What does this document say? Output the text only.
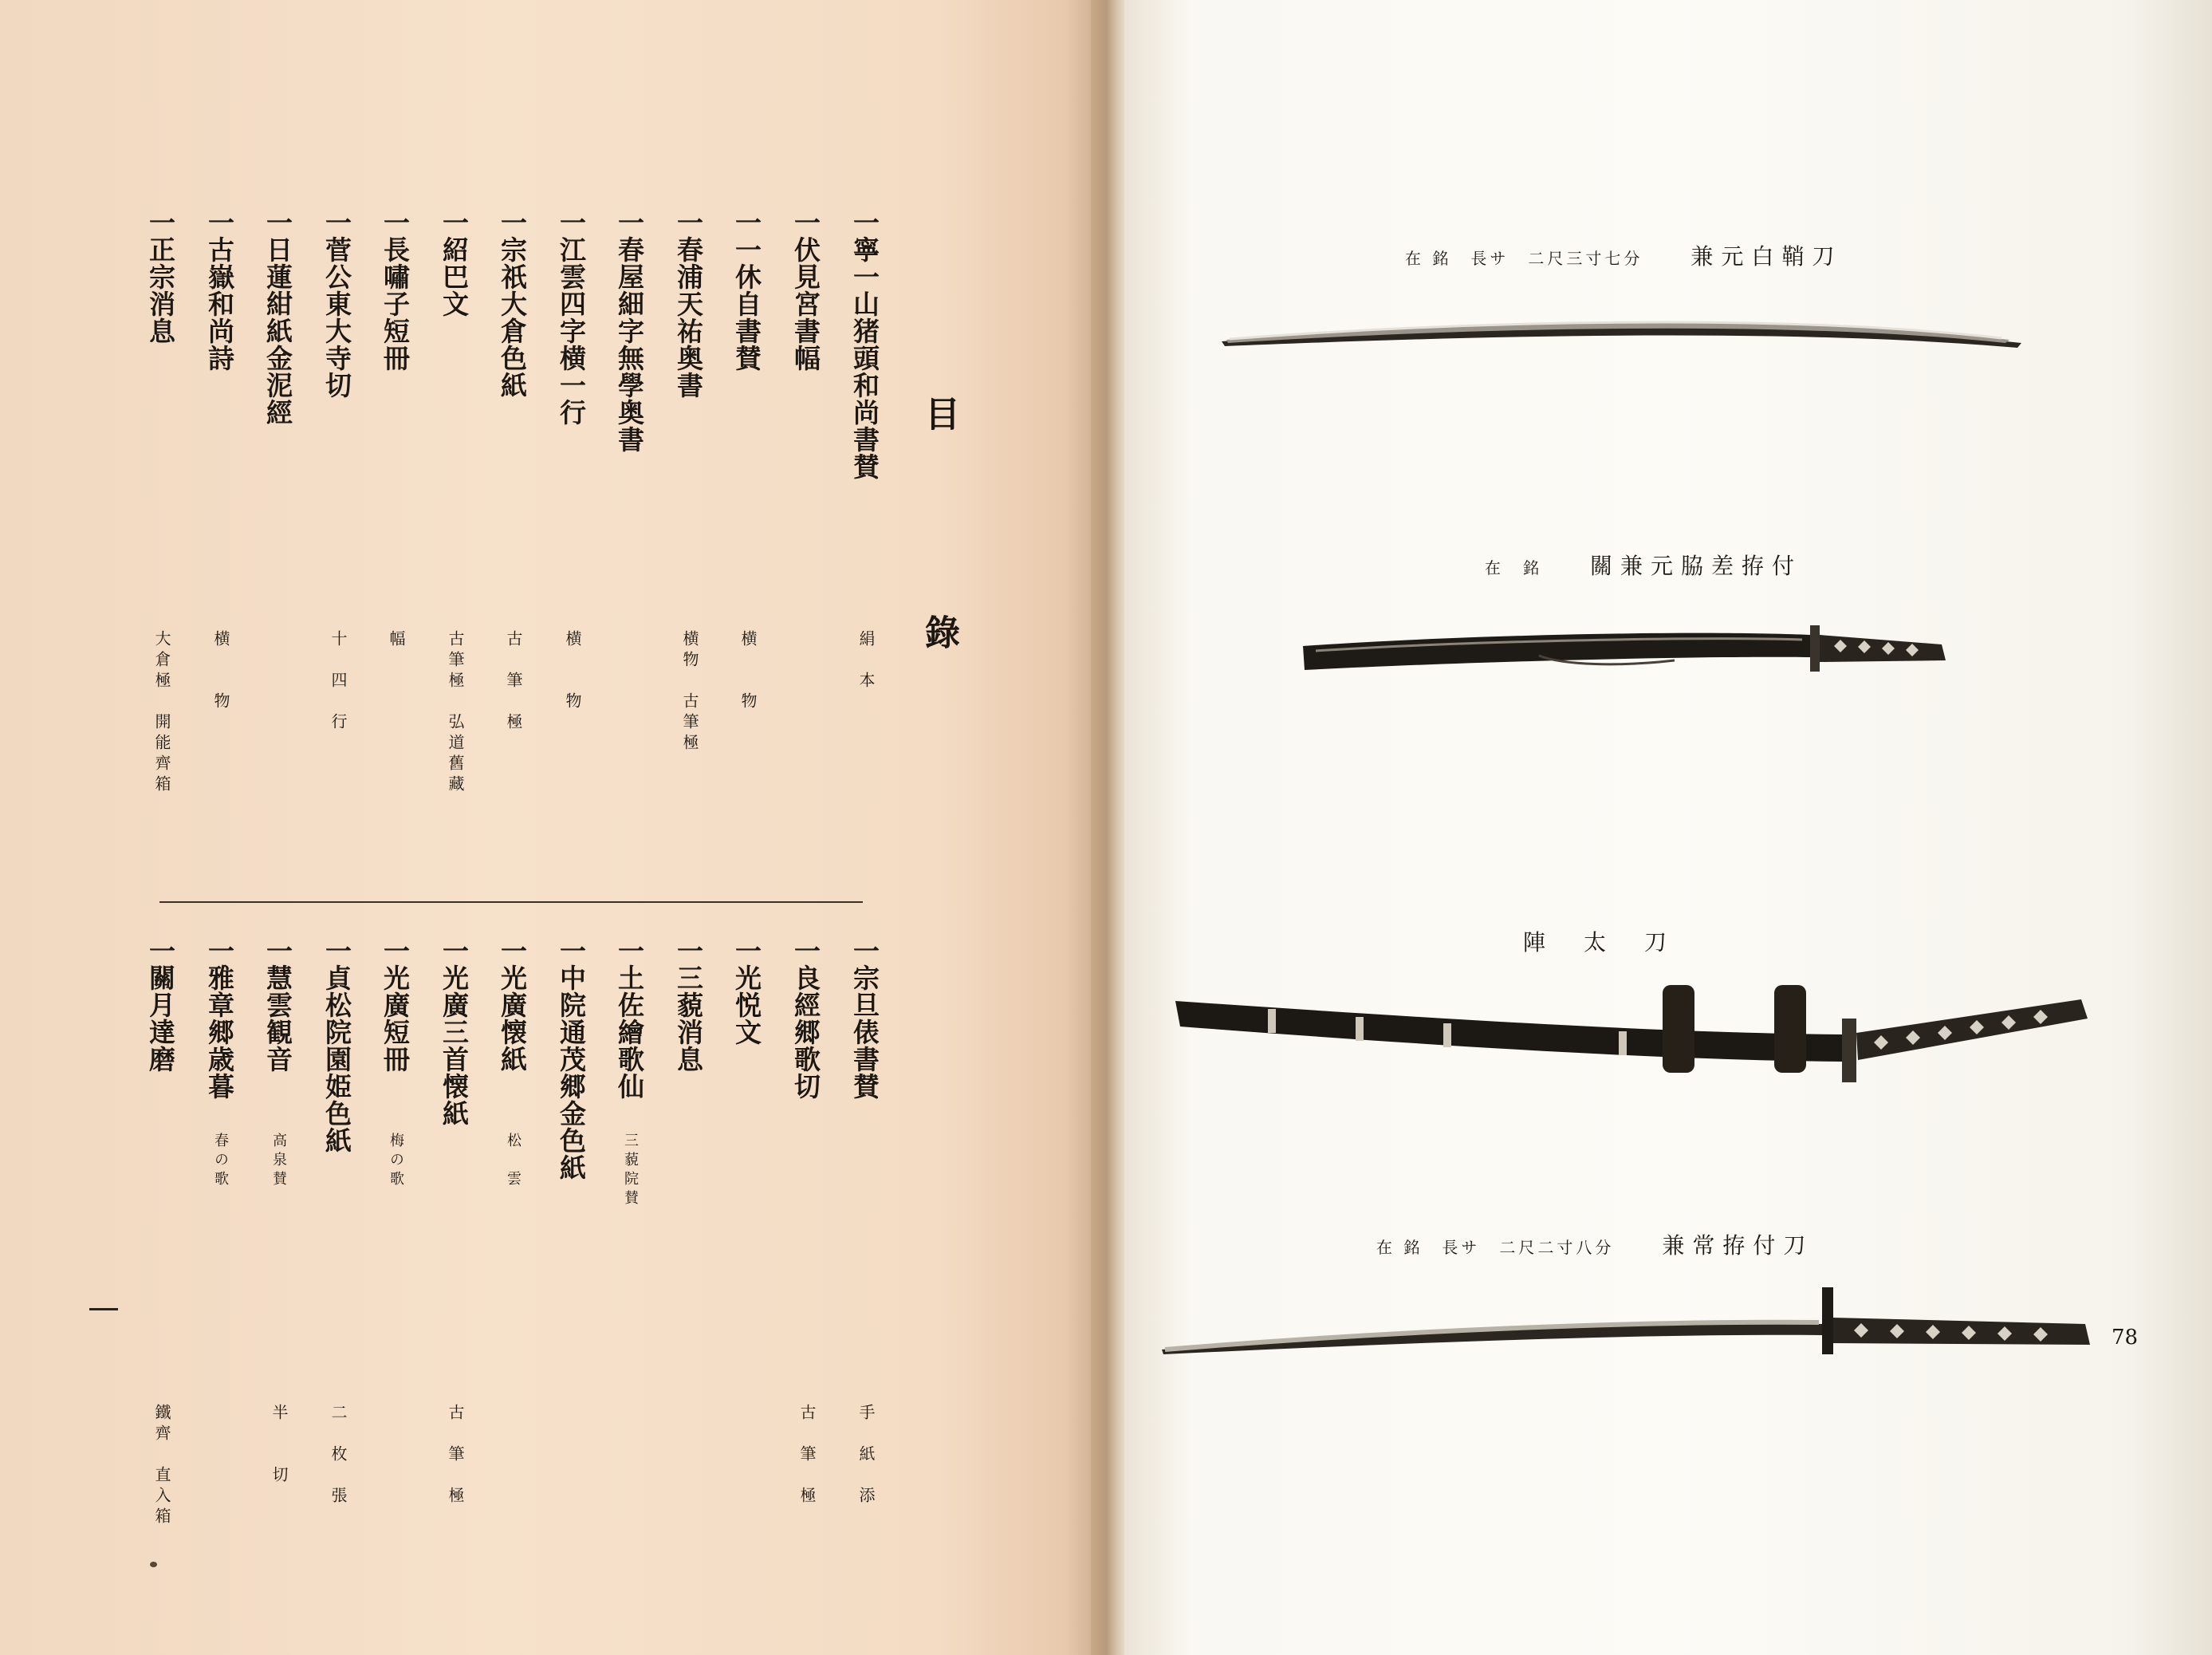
目
錄
一寧一山猪頭和尚書賛
絹　本
一伏見宮書幅
一一休自書賛
横　　物
一春浦天祐奥書
横物　古筆極
一春屋細字無學奥書
一江雲四字横一行
横　　物
一宗祇大倉色紙
古　筆　極
一紹巴文
古筆極　弘道舊藏
一長嘯子短冊
幅
一菅公東大寺切
十　四　行
一日蓮紺紙金泥經
一古嶽和尚詩
横　　物
一正宗消息
大倉極　開能齊箱
一宗旦俵書賛
手　紙　添
一良經郷歌切
古　筆　極
一光悦文
一三藐消息
一土佐繪歌仙
三藐院賛
一中院通茂郷金色紙
一光廣懐紙
松　雲
一光廣三首懐紙
古　筆　極
一光廣短冊
梅の歌
一貞松院園姫色紙
二　枚　張
一慧雲観音
高泉賛
半　　切
一雅章郷歳暮
春の歌
一關月達磨
鐵齊　直入箱
在 銘　長サ　二尺三寸七分 兼元白鞘刀
在　銘 關兼元脇差拵付
陣　太　刀
在 銘　長サ　二尺二寸八分 兼常拵付刀
78
